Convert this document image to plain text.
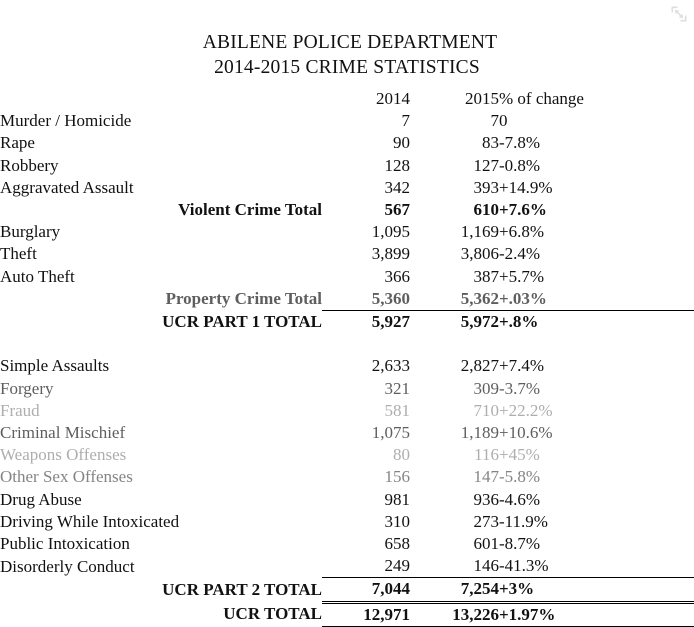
ABILENE POLICE DEPARTMENT
2014-2015 CRIME STATISTICS
	2014	2015	% of change
Murder / Homicide	7	7	0
Rape	90	83	-7.8%
Robbery	128	127	-0.8%
Aggravated Assault	342	393	+14.9%
Violent Crime Total	567	610	+7.6%
Burglary	1,095	1,169	+6.8%
Theft	3,899	3,806	-2.4%
Auto Theft	366	387	+5.7%
Property Crime Total	5,360	5,362	+.03%
UCR PART 1 TOTAL	5,927	5,972	+.8%

Simple Assaults	2,633	2,827	+7.4%
Forgery	321	309	-3.7%
Fraud	581	710	+22.2%
Criminal Mischief	1,075	1,189	+10.6%
Weapons Offenses	80	116	+45%
Other Sex Offenses	156	147	-5.8%
Drug Abuse	981	936	-4.6%
Driving While Intoxicated	310	273	-11.9%
Public Intoxication	658	601	-8.7%
Disorderly Conduct	249	146	-41.3%
UCR PART 2 TOTAL	7,044	7,254	+3%
UCR TOTAL	12,971	13,226	+1.97%
